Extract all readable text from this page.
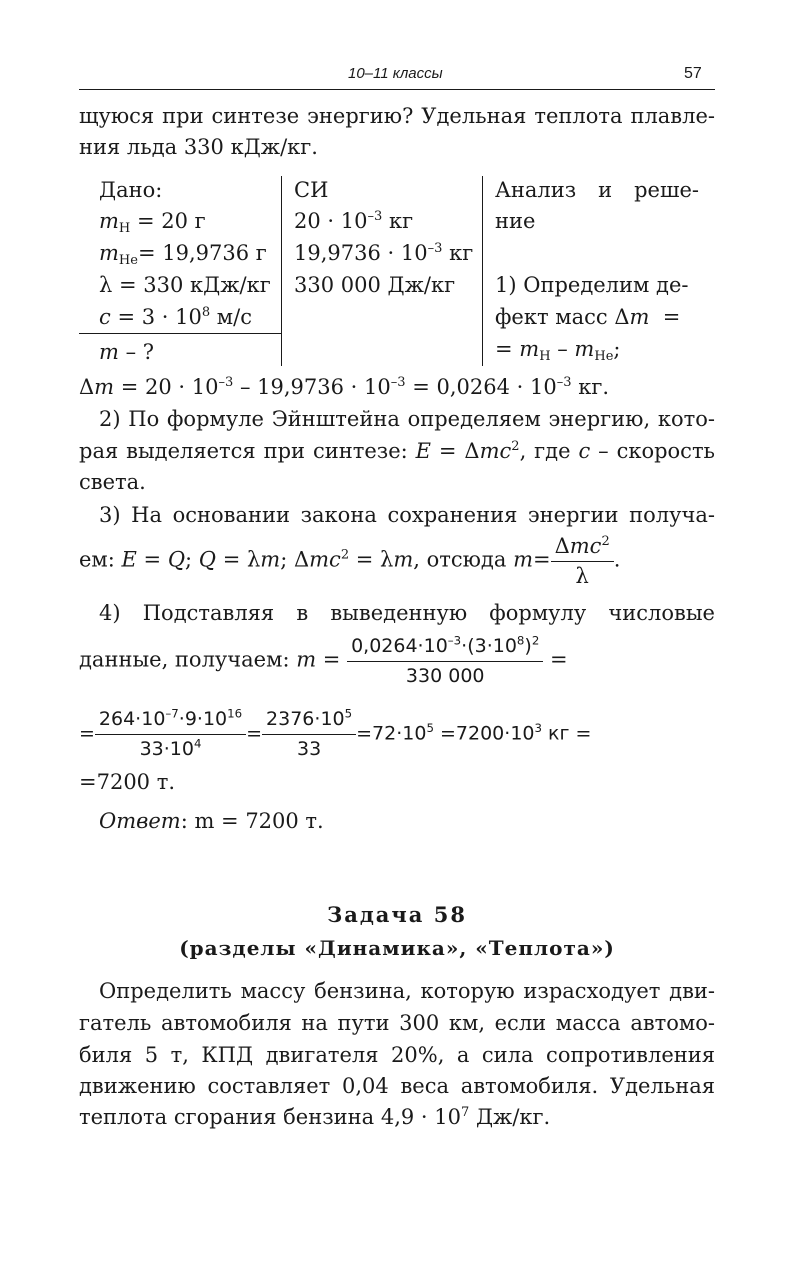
10–11 классы	57
щуюся при синтезе энергию? Удельная теплота плавле-
ния льда 330 кДж/кг.
Дано:
$m_H = 20$ г
$m_{He}= 19,9736$ г
λ = 330 кДж/кг
$c = 3 \cdot 10^8$ м/с
m – ?
СИ
$20 \cdot 10^{-3}$ кг
$19,9736 \cdot 10^{-3}$ кг
330 000 Дж/кг
Анализ и реше-
ние
1) Определим де-
фект масс Δm  =
= $m_H - m_{He}$;
$\Delta m = 20 \cdot 10^{-3} - 19,9736 \cdot 10^{-3} = 0,0264 \cdot 10^{-3}$ кг.
2) По формуле Эйнштейна определяем энергию, кото-
рая выделяется при синтезе: E = Δmc$^2$, где c – скорость
света.
3) На основании закона сохранения энергии получа-
ем: E = Q; Q = λm; Δmc$^2$ = λm, отсюда $m= \frac{\Delta mc^2}{\lambda}$ .
4) Подставляя в выведенную формулу числовые
данные, получаем: $m = \frac{0,0264\cdot 10^{-3}\cdot(3\cdot 10^8)^2}{330 000}$ =
= $\frac{264\cdot 10^{-7}\cdot 9\cdot 10^{16}}{33\cdot 10^4} = \frac{2376\cdot 10^5}{33} =72\cdot 10^5 =7200\cdot 10^3$ кг =
=7200 т.
Ответ: m = 7200 т.
Задача 58
(разделы «Динамика», «Теплота»)
Определить массу бензина, которую израсходует дви-
гатель автомобиля на пути 300 км, если масса автомо-
биля 5 т, КПД двигателя 20%, а сила сопротивления
движению составляет 0,04 веса автомобиля. Удельная
теплота сгорания бензина $4,9 \cdot 10^7$ Дж/кг.
